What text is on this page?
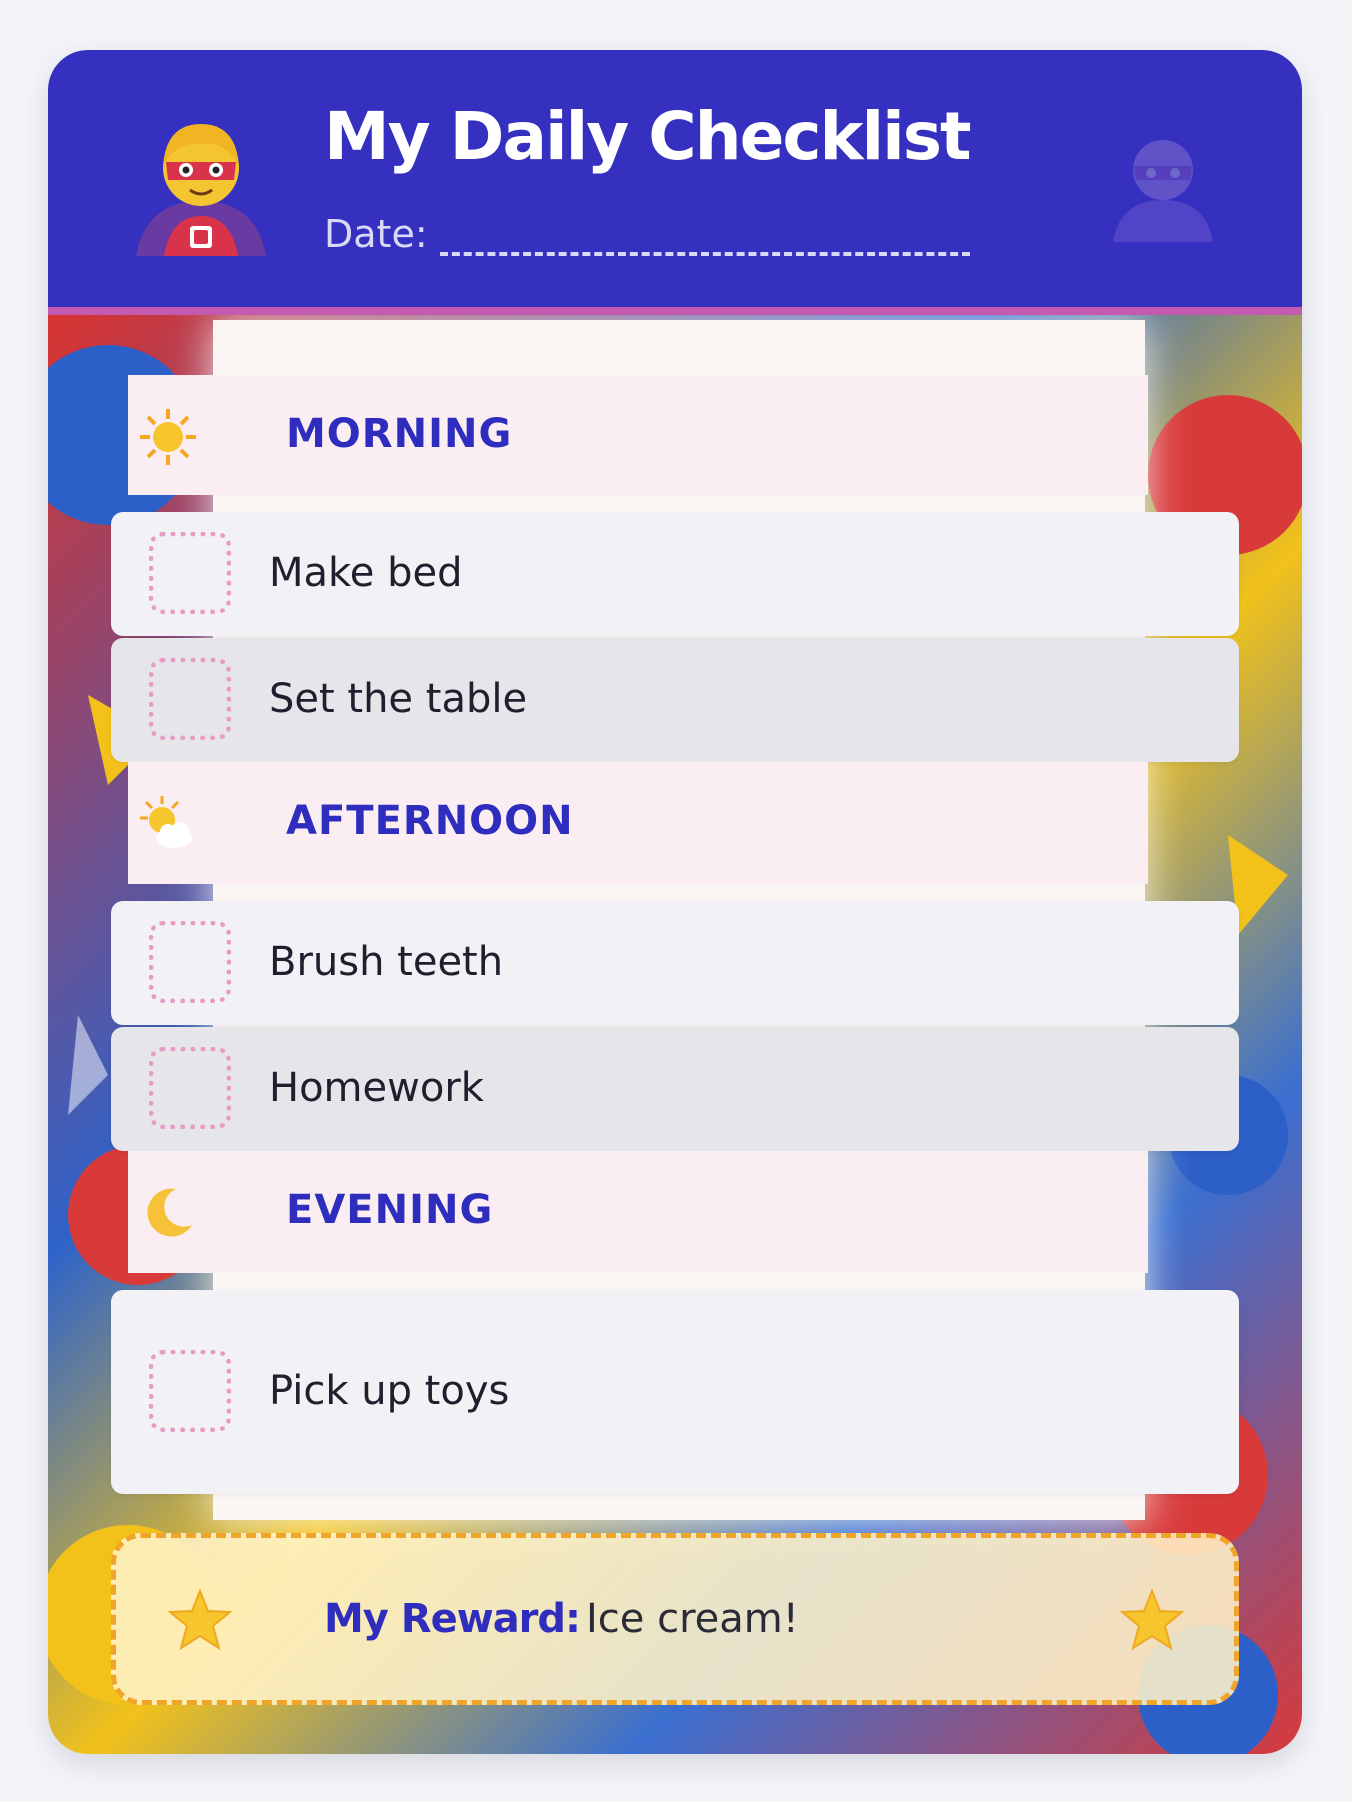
My Daily Checklist
Date:
MORNING
Make bed
Set the table
AFTERNOON
Brush teeth
Homework
EVENING
Pick up toys
My Reward: Ice cream!
